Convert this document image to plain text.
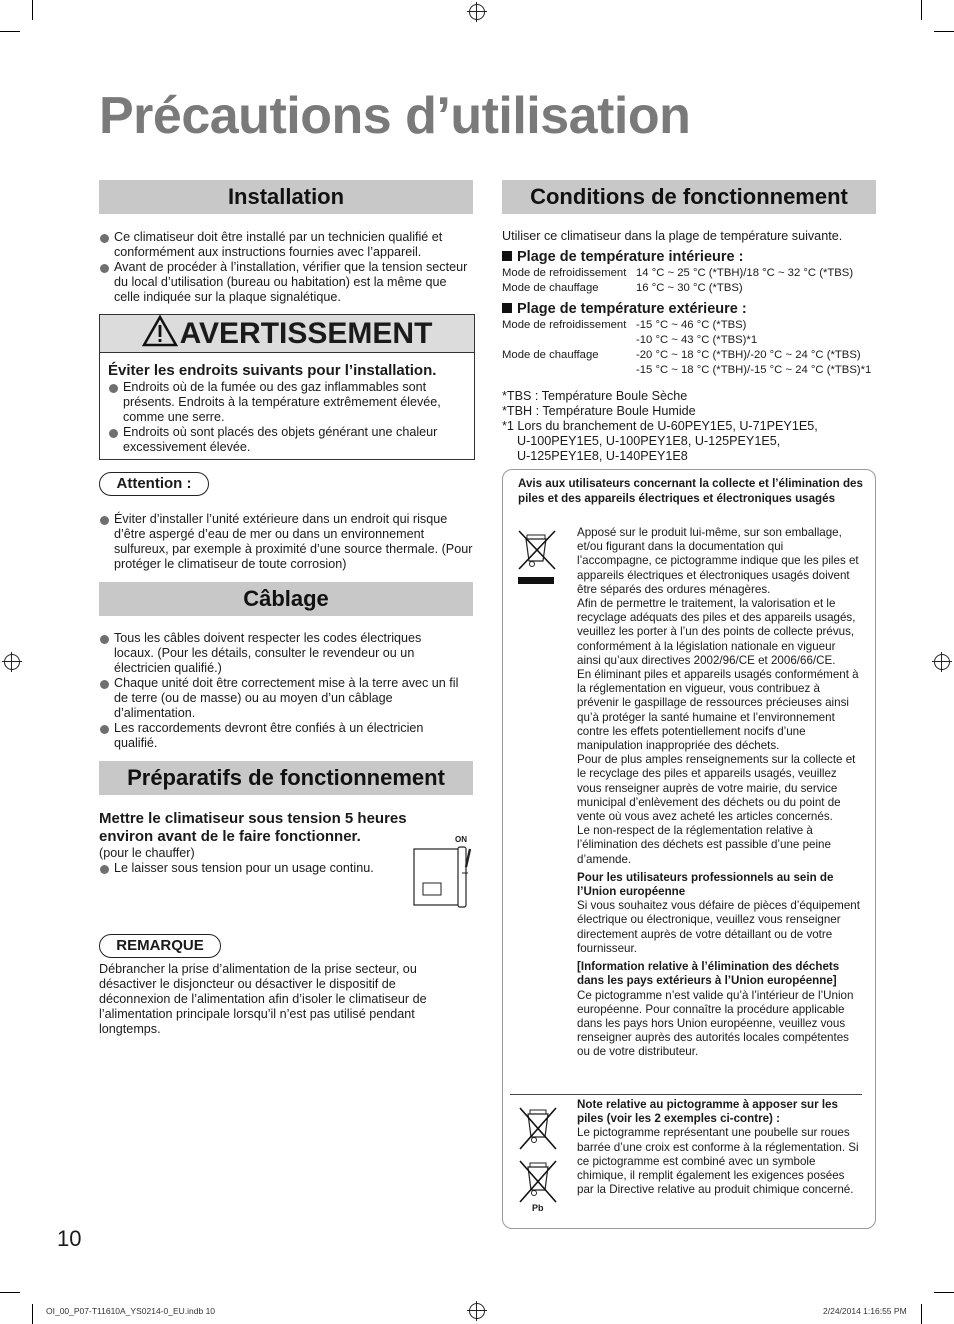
Précautions d’utilisation
Installation

Ce climatiseur doit être installé par un technicien qualifié et conformément aux instructions fournies avec l’appareil.

Avant de procéder à l’installation, vérifier que la tension secteur du local d’utilisation (bureau ou habitation) est la même que celle indiquée sur la plaque signalétique.

AVERTISSEMENT
Éviter les endroits suivants pour l’installation.

Endroits où de la fumée ou des gaz inflammables sont présents. Endroits à la température extrêmement élevée, comme une serre.

Endroits où sont placés des objets générant une chaleur excessivement élevée.

Attention :

Éviter d’installer l’unité extérieure dans un endroit qui risque d’être aspergé d’eau de mer ou dans un environnement sulfureux, par exemple à proximité d’une source thermale. (Pour protéger le climatiseur de toute corrosion)

Câblage

Tous les câbles doivent respecter les codes électriques locaux. (Pour les détails, consulter le revendeur ou un électricien qualifié.)

Chaque unité doit être correctement mise à la terre avec un fil de terre (ou de masse) ou au moyen d’un câblage d’alimentation.

Les raccordements devront être confiés à un électricien qualifié.

Préparatifs de fonctionnement
Mettre le climatiseur sous tension 5 heures environ avant de le faire fonctionner.

(pour le chauffer)

Le laisser sous tension pour un usage continu.

ON
REMARQUE
Débrancher la prise d’alimentation de la prise secteur, ou désactiver le disjoncteur ou désactiver le dispositif de déconnexion de l’alimentation afin d’isoler le climatiseur de l’alimentation principale lorsqu’il n’est pas utilisé pendant longtemps.
Conditions de fonctionnement
Utiliser ce climatiseur dans la plage de température suivante.
Plage de température intérieure :
Mode de refroidissement 14 °C ~ 25 °C (*TBH)/18 °C ~ 32 °C (*TBS)
Mode de chauffage	16 °C ~ 30 °C (*TBS)
Plage de température extérieure :
Mode de refroidissement -15 °C ~ 46 °C (*TBS)
-10 °C ~ 43 °C (*TBS)*1
Mode de chauffage	-20 °C ~ 18 °C (*TBH)/-20 °C ~ 24 °C (*TBS)
-15 °C ~ 18 °C (*TBH)/-15 °C ~ 24 °C (*TBS)*1

*TBS : Température Boule Sèche

*TBH : Température Boule Humide

*1 Lors du branchement de U-60PEY1E5, U-71PEY1E5,

U-100PEY1E5, U-100PEY1E8, U-125PEY1E5,

U-125PEY1E8, U-140PEY1E8

Avis aux utilisateurs concernant la collecte et l’élimination des piles et des appareils électriques et électroniques usagés

Apposé sur le produit lui-même, sur son emballage, et/ou figurant dans la documentation qui l’accompagne, ce pictogramme indique que les piles et appareils électriques et électroniques usagés doivent être séparés des ordures ménagères.

Afin de permettre le traitement, la valorisation et le recyclage adéquats des piles et des appareils usagés, veuillez les porter à l’un des points de collecte prévus, conformément à la législation nationale en vigueur ainsi qu’aux directives 2002/96/CE et 2006/66/CE.

En éliminant piles et appareils usagés conformément à la réglementation en vigueur, vous contribuez à prévenir le gaspillage de ressources précieuses ainsi qu’à protéger la santé humaine et l’environnement contre les effets potentiellement nocifs d’une manipulation inappropriée des déchets.

Pour de plus amples renseignements sur la collecte et le recyclage des piles et appareils usagés, veuillez vous renseigner auprès de votre mairie, du service municipal d’enlèvement des déchets ou du point de vente où vous avez acheté les articles concernés.

Le non-respect de la réglementation relative à l’élimination des déchets est passible d’une peine d’amende.

Pour les utilisateurs professionnels au sein de l’Union européenne

Si vous souhaitez vous défaire de pièces d’équipement électrique ou électronique, veuillez vous renseigner directement auprès de votre détaillant ou de votre fournisseur.

[Information relative à l’élimination des déchets dans les pays extérieurs à l’Union européenne]

Ce pictogramme n’est valide qu’à l’intérieur de l’Union européenne. Pour connaître la procédure applicable dans les pays hors Union européenne, veuillez vous renseigner auprès des autorités locales compétentes ou de votre distributeur.

Pb

Note relative au pictogramme à apposer sur les piles (voir les 2 exemples ci-contre) :

Le pictogramme représentant une poubelle sur roues barrée d’une croix est conforme à la réglementation. Si ce pictogramme est combiné avec un symbole chimique, il remplit également les exigences posées par la Directive relative au produit chimique concerné.

10
OI_00_P07-T11610A_YS0214-0_EU.indb 10	2/24/2014 1:16:55 PM
